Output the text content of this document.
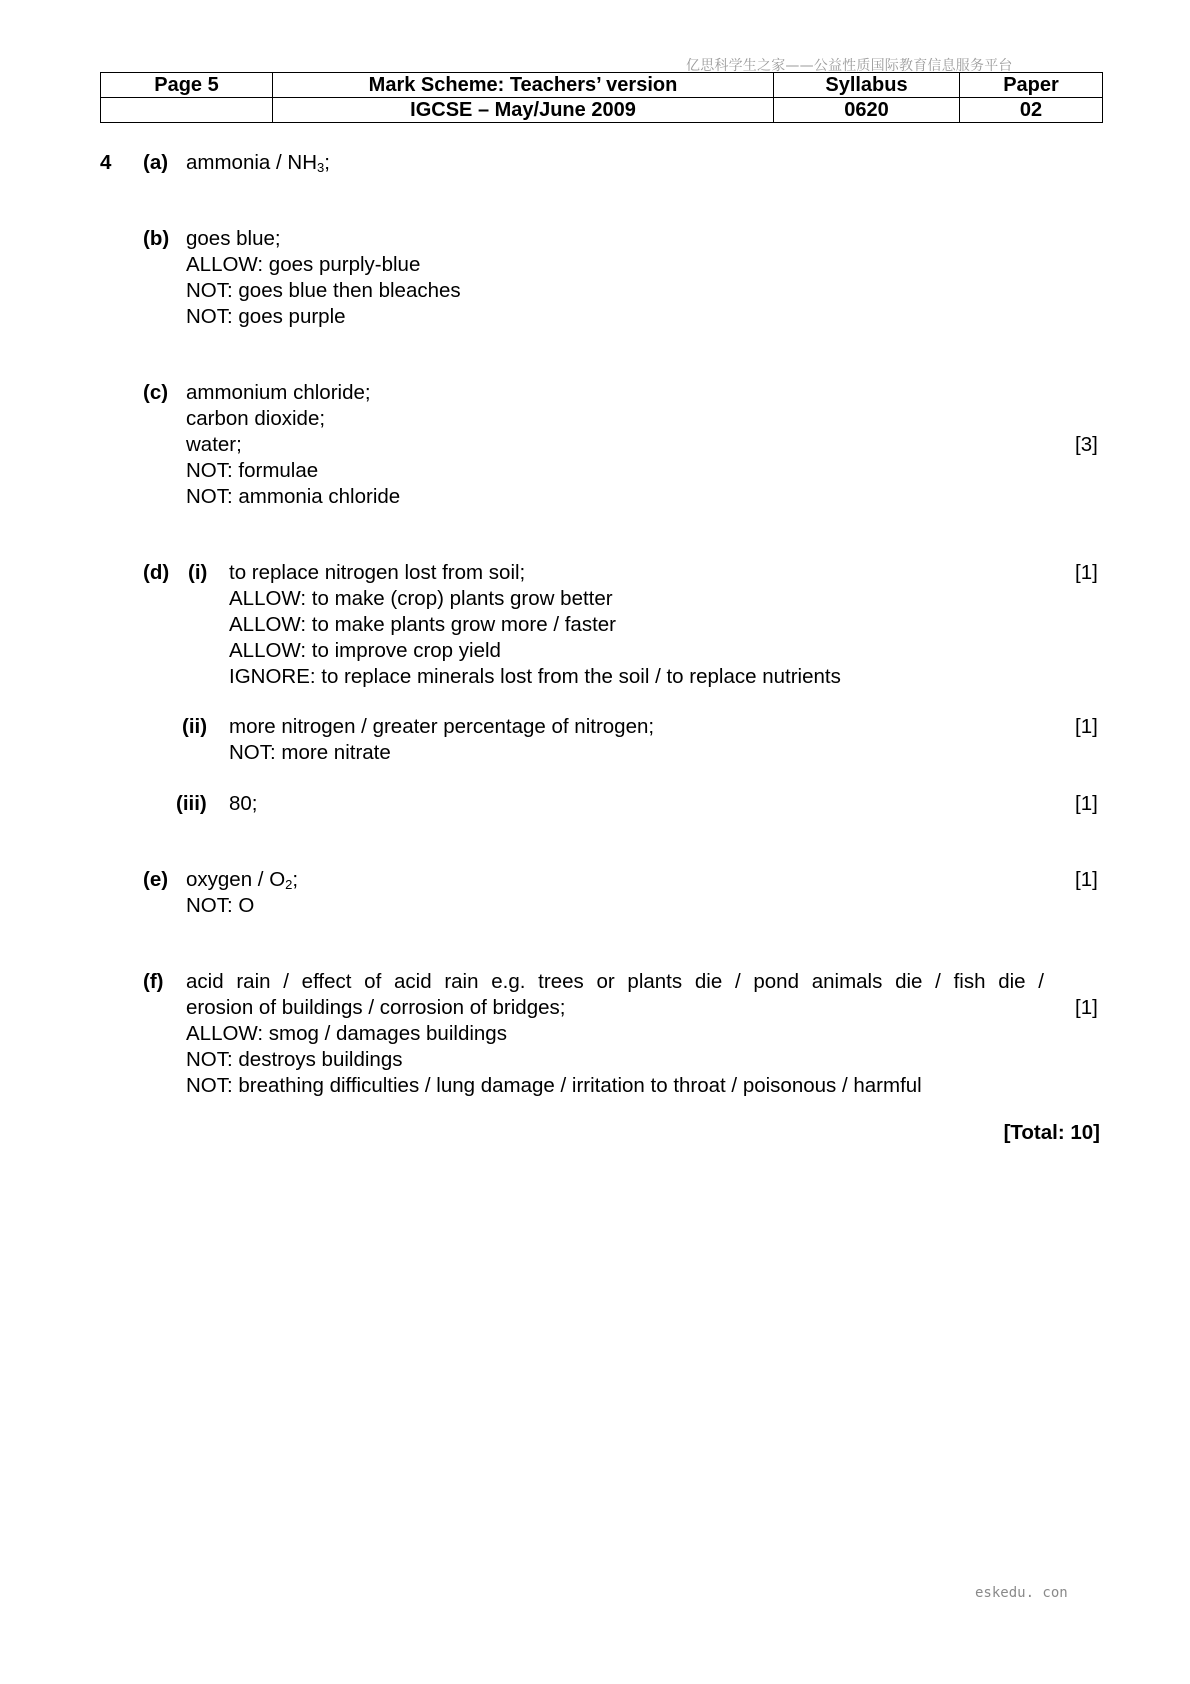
亿思科学生之家——公益性质国际教育信息服务平台
Page 5	Mark Scheme: Teachers’ version	Syllabus	Paper
	IGCSE – May/June 2009	0620	02
4 (a) ammonia / $NH_3$;
(b) goes blue;
ALLOW: goes purply-blue
NOT: goes blue then bleaches
NOT: goes purple
(c) ammonium chloride;
carbon dioxide;
water;	[3]
NOT: formulae
NOT: ammonia chloride
(d) (i) to replace nitrogen lost from soil;	[1]
ALLOW: to make (crop) plants grow better
ALLOW: to make plants grow more / faster
ALLOW: to improve crop yield
IGNORE: to replace minerals lost from the soil / to replace nutrients
(ii) more nitrogen / greater percentage of nitrogen;	[1]
NOT: more nitrate
(iii) 80;	[1]
(e) oxygen / $O_2$;	[1]
NOT: O
(f) acid rain / effect of acid rain e.g. trees or plants die / pond animals die / fish die /
erosion of buildings / corrosion of bridges;	[1]
ALLOW: smog / damages buildings
NOT: destroys buildings
NOT: breathing difficulties / lung damage / irritation to throat / poisonous / harmful
[Total: 10]
eskedu. con
